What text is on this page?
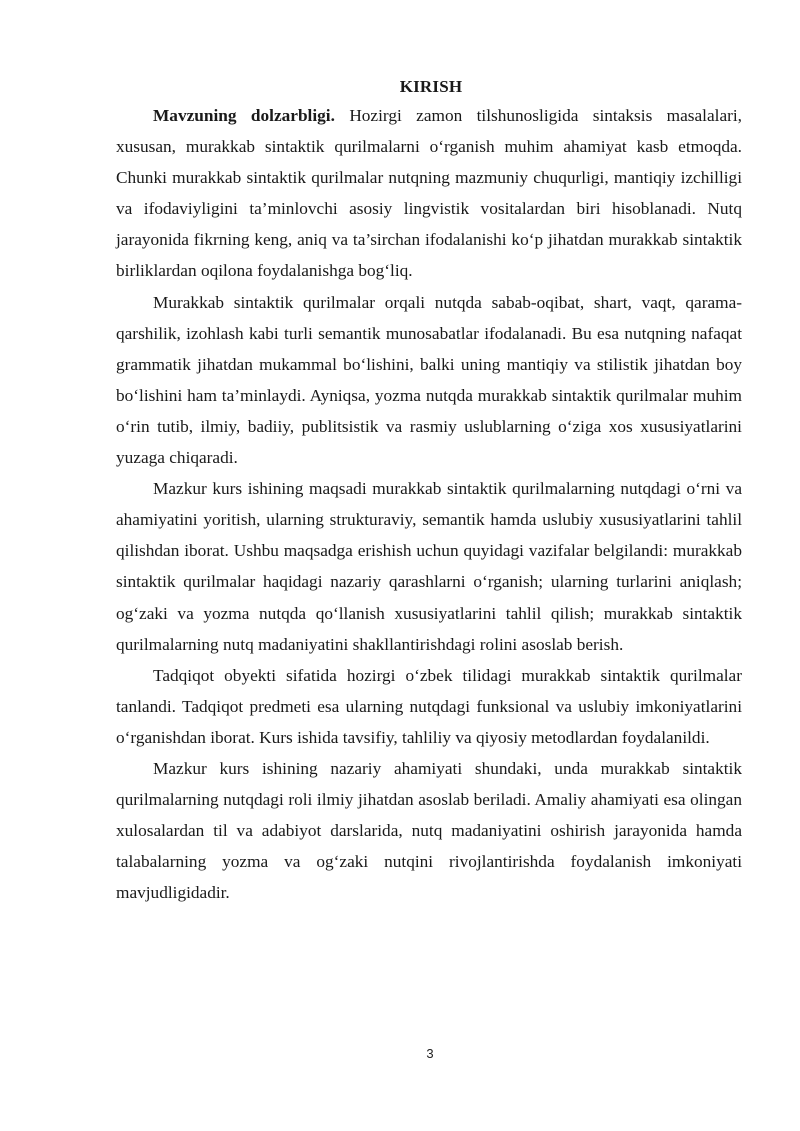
KIRISH

Mavzuning dolzarbligi. Hozirgi zamon tilshunosligida sintaksis masalalari, xususan, murakkab sintaktik qurilmalarni o‘rganish muhim ahamiyat kasb etmoqda. Chunki murakkab sintaktik qurilmalar nutqning mazmuniy chuqurligi, mantiqiy izchilligi va ifodaviyligini ta’minlovchi asosiy lingvistik vositalardan biri hisoblanadi. Nutq jarayonida fikrning keng, aniq va ta’sirchan ifodalanishi ko‘p jihatdan murakkab sintaktik birliklardan oqilona foydalanishga bog‘liq.

Murakkab sintaktik qurilmalar orqali nutqda sabab-oqibat, shart, vaqt, qarama-qarshilik, izohlash kabi turli semantik munosabatlar ifodalanadi. Bu esa nutqning nafaqat grammatik jihatdan mukammal bo‘lishini, balki uning mantiqiy va stilistik jihatdan boy bo‘lishini ham ta’minlaydi. Ayniqsa, yozma nutqda murakkab sintaktik qurilmalar muhim o‘rin tutib, ilmiy, badiiy, publitsistik va rasmiy uslublarning o‘ziga xos xususiyatlarini yuzaga chiqaradi.

Mazkur kurs ishining maqsadi murakkab sintaktik qurilmalarning nutqdagi o‘rni va ahamiyatini yoritish, ularning strukturaviy, semantik hamda uslubiy xususiyatlarini tahlil qilishdan iborat. Ushbu maqsadga erishish uchun quyidagi vazifalar belgilandi: murakkab sintaktik qurilmalar haqidagi nazariy qarashlarni o‘rganish; ularning turlarini aniqlash; og‘zaki va yozma nutqda qo‘llanish xususiyatlarini tahlil qilish; murakkab sintaktik qurilmalarning nutq madaniyatini shakllantirishdagi rolini asoslab berish.

Tadqiqot obyekti sifatida hozirgi o‘zbek tilidagi murakkab sintaktik qurilmalar tanlandi. Tadqiqot predmeti esa ularning nutqdagi funksional va uslubiy imkoniyatlarini o‘rganishdan iborat. Kurs ishida tavsifiy, tahliliy va qiyosiy metodlardan foydalanildi.

Mazkur kurs ishining nazariy ahamiyati shundaki, unda murakkab sintaktik qurilmalarning nutqdagi roli ilmiy jihatdan asoslab beriladi. Amaliy ahamiyati esa olingan xulosalardan til va adabiyot darslarida, nutq madaniyatini oshirish jarayonida hamda talabalarning yozma va og‘zaki nutqini rivojlantirishda foydalanish imkoniyati mavjudligidadir.

3
